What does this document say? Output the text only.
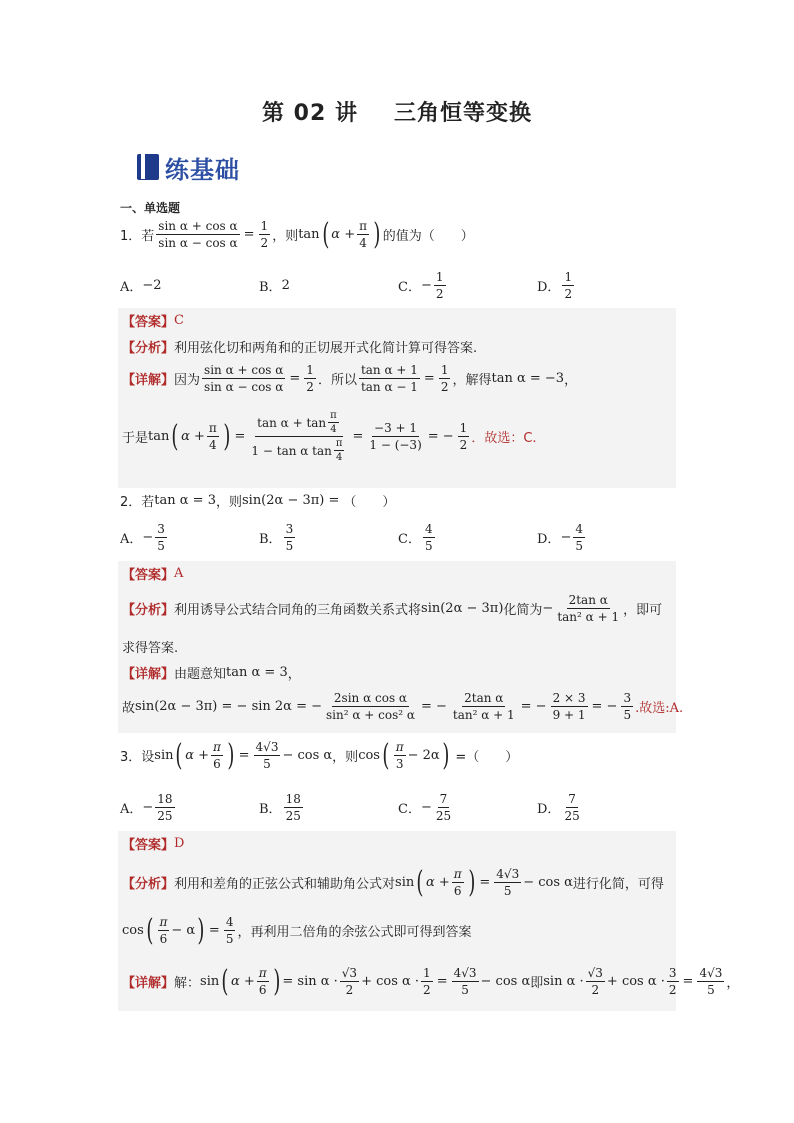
第 02 讲 三角恒等变换
练基础
一、单选题
1．若 $\frac{\text{sin α + cos α}}{\text{sin α − cos α}} = \frac{1}{2}$ ，则 tan ( $\alpha + \frac{\pi}{4}$ ) 的值为（　　）
A． −2	B． 2	C． − $\frac{1}{2}$	D． $\frac{1}{2}$
【答案】 C
【分析】 利用弦化切和两角和的正切展开式化简计算可得答案.
【详解】 因为 $\frac{\text{sin α + cos α}}{\text{sin α − cos α}} = \frac{1}{2}$ ．所以 $\frac{\text{tan α + 1}}{\text{tan α − 1}} = \frac{1}{2}$ ，解得 tan α = −3 ，
于是 tan ( $\alpha + \frac{\pi}{4}$ ) = $\frac{\tan \alpha + \tan \frac{\pi}{4}}{1 - \tan \alpha \tan \frac{\pi}{4}} = \frac{-3 + 1}{1 - (-3)}$ = − $\frac{1}{2}$ ．故选：C.
2．若 tan α = 3 ，则 sin(2α − 3π) = （　　）
A． − $\frac{3}{5}$	B． $\frac{3}{5}$	C． $\frac{4}{5}$	D． − $\frac{4}{5}$
【答案】 A
【分析】 利用诱导公式结合同角的三角函数关系式将 sin(2α − 3π) 化简为 − $\frac{\text{2tan α}}{\text{tan² α + 1}}$ ，即可
求得答案.
【详解】 由题意知 tan α = 3 ，
故 sin(2α − 3π) = − sin 2α = − $\frac{\text{2sin α cos α}}{\text{sin² α + cos² α}}$ = − $\frac{\text{2tan α}}{\text{tan² α + 1}}$ = − $\frac{2 \times 3}{9 + 1}$ = − $\frac{3}{5}$ .故选:A.
3．设 sin ( $\alpha + \frac{\pi}{6}$ ) = $\frac{4√3}{5} - \cos \alpha$ ，则 cos ( $\frac{\pi}{3} - 2\alpha$ ) =（　　）
A． − $\frac{18}{25}$	B． $\frac{18}{25}$	C． − $\frac{7}{25}$	D． $\frac{7}{25}$
【答案】 D
【分析】 利用和差角的正弦公式和辅助角公式对 sin ( $\alpha + \frac{\pi}{6}$ ) = $\frac{4√3}{5} - \cos \alpha$ 进行化简，可得
cos ( $\frac{\pi}{6} - \alpha$ ) = $\frac{4}{5}$ ，再利用二倍角的余弦公式即可得到答案
【详解】 解： sin ( $\alpha + \frac{\pi}{6}$ ) = $\sin \alpha \cdot \frac{√3}{2} + \cos \alpha \cdot \frac{1}{2} = \frac{4√3}{5} - \cos \alpha$ 即 $\sin \alpha \cdot \frac{√3}{2} + \cos \alpha \cdot \frac{3}{2} = \frac{4√3}{5}$ ，
